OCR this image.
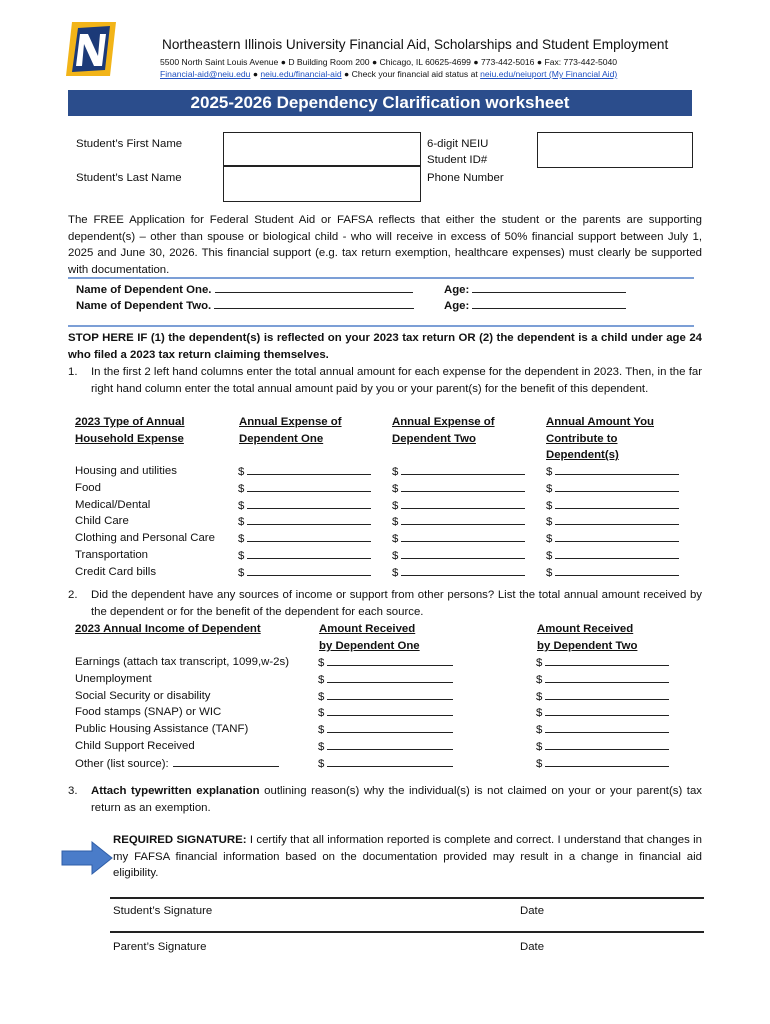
Northeastern Illinois University Financial Aid, Scholarships and Student Employment
5500 North Saint Louis Avenue ● D Building Room 200 ● Chicago, IL 60625-4699 ● 773-442-5016 ● Fax: 773-442-5040
Financial-aid@neiu.edu ● neiu.edu/financial-aid ● Check your financial aid status at neiu.edu/neiuport (My Financial Aid)
2025-2026 Dependency Clarification worksheet
Student’s First Name
Student’s Last Name
6-digit NEIU
Student ID#
Phone Number
The FREE Application for Federal Student Aid or FAFSA reflects that either the student or the parents are supporting dependent(s) – other than spouse or biological child - who will receive in excess of 50% financial support between July 1, 2025 and June 30, 2026. This financial support (e.g. tax return exemption, healthcare expenses) must clearly be supported with documentation.
Name of Dependent One.
Name of Dependent Two.
Age:
Age:
STOP HERE IF (1) the dependent(s) is reflected on your 2023 tax return OR (2) the dependent is a child under age 24 who filed a 2023 tax return claiming themselves.
1. In the first 2 left hand columns enter the total annual amount for each expense for the dependent in 2023. Then, in the far right hand column enter the total annual amount paid by you or your parent(s) for the benefit of this dependent.
2023 Type of Annual
Household Expense
Annual Expense of
Dependent One
Annual Expense of
Dependent Two
Annual Amount You
Contribute to
Dependent(s)
Housing and utilities	$	$	$
Food	$	$	$
Medical/Dental	$	$	$
Child Care	$	$	$
Clothing and Personal Care $	$	$
Transportation	$	$	$
Credit Card bills	$	$	$
2. Did the dependent have any sources of income or support from other persons? List the total annual amount received by the dependent or for the benefit of the dependent for each source.
2023 Annual Income of Dependent	Amount Received
by Dependent One
Amount Received
by Dependent Two
Earnings (attach tax transcript, 1099,w-2s)	$	$
Unemployment	$	$
Social Security or disability	$	$
Food stamps (SNAP) or WIC	$	$
Public Housing Assistance (TANF)	$	$
Child Support Received	$	$
Other (list source):	$	$
3. Attach typewritten explanation outlining reason(s) why the individual(s) is not claimed on your or your parent(s) tax return as an exemption.
REQUIRED SIGNATURE: I certify that all information reported is complete and correct. I understand that changes in my FAFSA financial information based on the documentation provided may result in a change in financial aid eligibility.
Student’s Signature	Date
Parent’s Signature	Date
